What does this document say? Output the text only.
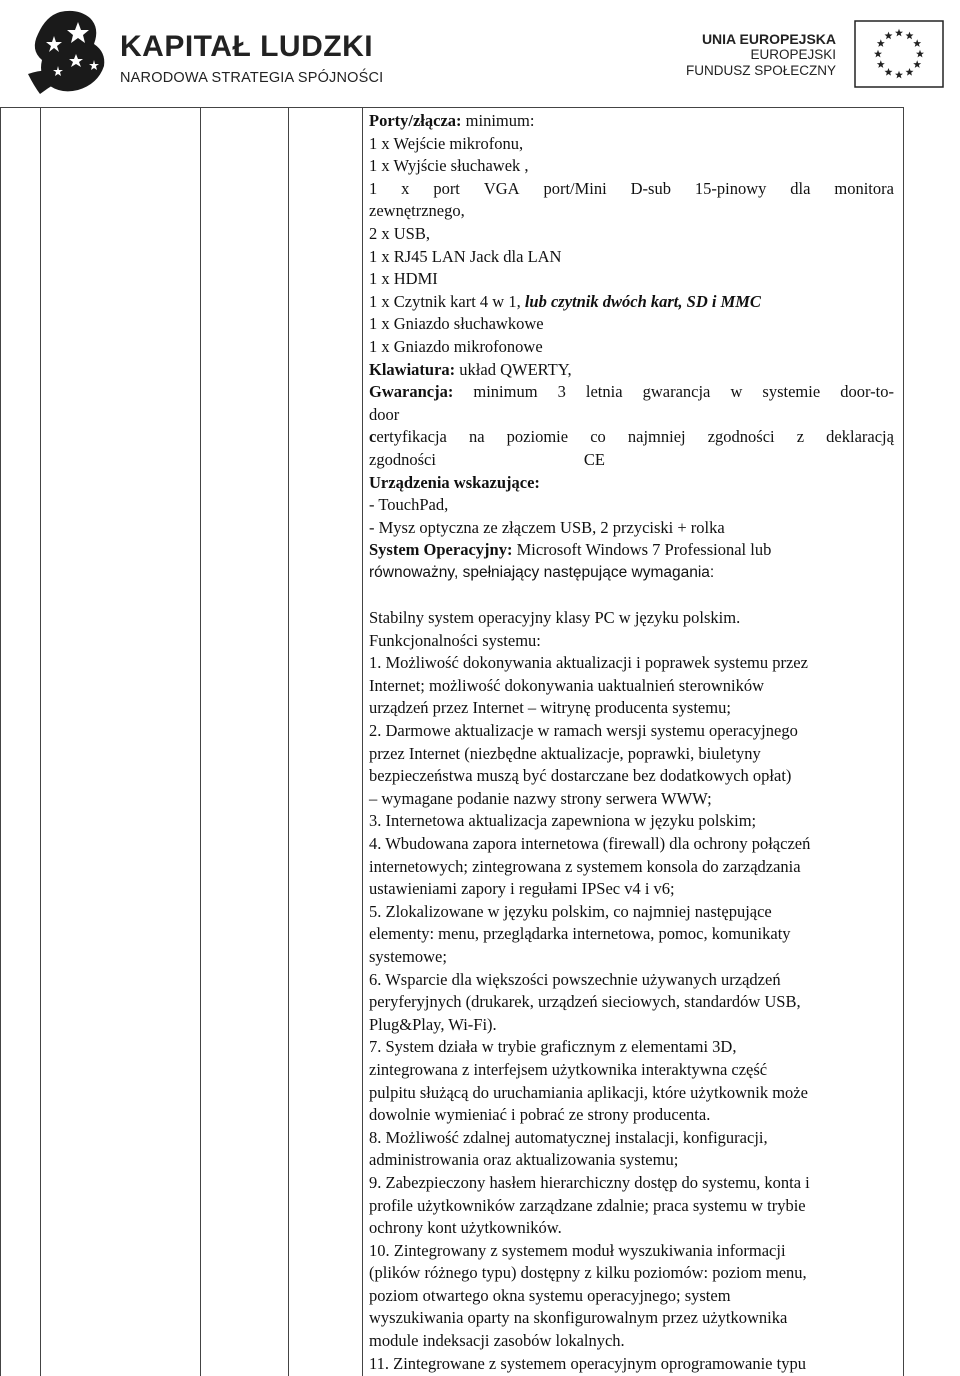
KAPITAŁ LUDZKI
NARODOWA STRATEGIA SPÓJNOŚCI
UNIA EUROPEJSKA
EUROPEJSKI
FUNDUSZ SPOŁECZNY
Porty/złącza: minimum:
1 x Wejście mikrofonu,
1 x Wyjście słuchawek ,
1 x port VGA port/Mini D-sub 15-pinowy dla monitora
zewnętrznego,
2 x USB,
1 x RJ45 LAN Jack dla LAN
1 x HDMI
1 x Czytnik kart 4 w 1, lub czytnik dwóch kart, SD i MMC
1 x Gniazdo słuchawkowe
1 x Gniazdo mikrofonowe
Klawiatura: układ QWERTY,
Gwarancja: minimum 3 letnia gwarancja w systemie door-to-
door
certyfikacja na poziomie co najmniej zgodności z deklaracją
zgodności	CE
Urządzenia wskazujące:
- TouchPad,
- Mysz optyczna ze złączem USB, 2 przyciski + rolka
System Operacyjny: Microsoft Windows 7 Professional lub
równoważny, spełniający następujące wymagania:
Stabilny system operacyjny klasy PC w języku polskim.
Funkcjonalności systemu:
1. Możliwość dokonywania aktualizacji i poprawek systemu przez
Internet; możliwość dokonywania uaktualnień sterowników
urządzeń przez Internet – witrynę producenta systemu;
2. Darmowe aktualizacje w ramach wersji systemu operacyjnego
przez Internet (niezbędne aktualizacje, poprawki, biuletyny
bezpieczeństwa muszą być dostarczane bez dodatkowych opłat)
– wymagane podanie nazwy strony serwera WWW;
3. Internetowa aktualizacja zapewniona w języku polskim;
4. Wbudowana zapora internetowa (firewall) dla ochrony połączeń
internetowych; zintegrowana z systemem konsola do zarządzania
ustawieniami zapory i regułami IPSec v4 i v6;
5. Zlokalizowane w języku polskim, co najmniej następujące
elementy: menu, przeglądarka internetowa, pomoc, komunikaty
systemowe;
6. Wsparcie dla większości powszechnie używanych urządzeń
peryferyjnych (drukarek, urządzeń sieciowych, standardów USB,
Plug&Play, Wi-Fi).
7. System działa w trybie graficznym z elementami 3D,
zintegrowana z interfejsem użytkownika interaktywna część
pulpitu służącą do uruchamiania aplikacji, które użytkownik może
dowolnie wymieniać i pobrać ze strony producenta.
8. Możliwość zdalnej automatycznej instalacji, konfiguracji,
administrowania oraz aktualizowania systemu;
9. Zabezpieczony hasłem hierarchiczny dostęp do systemu, konta i
profile użytkowników zarządzane zdalnie; praca systemu w trybie
ochrony kont użytkowników.
10. Zintegrowany z systemem moduł wyszukiwania informacji
(plików różnego typu) dostępny z kilku poziomów: poziom menu,
poziom otwartego okna systemu operacyjnego; system
wyszukiwania oparty na skonfigurowalnym przez użytkownika
module indeksacji zasobów lokalnych.
11. Zintegrowane z systemem operacyjnym oprogramowanie typu
